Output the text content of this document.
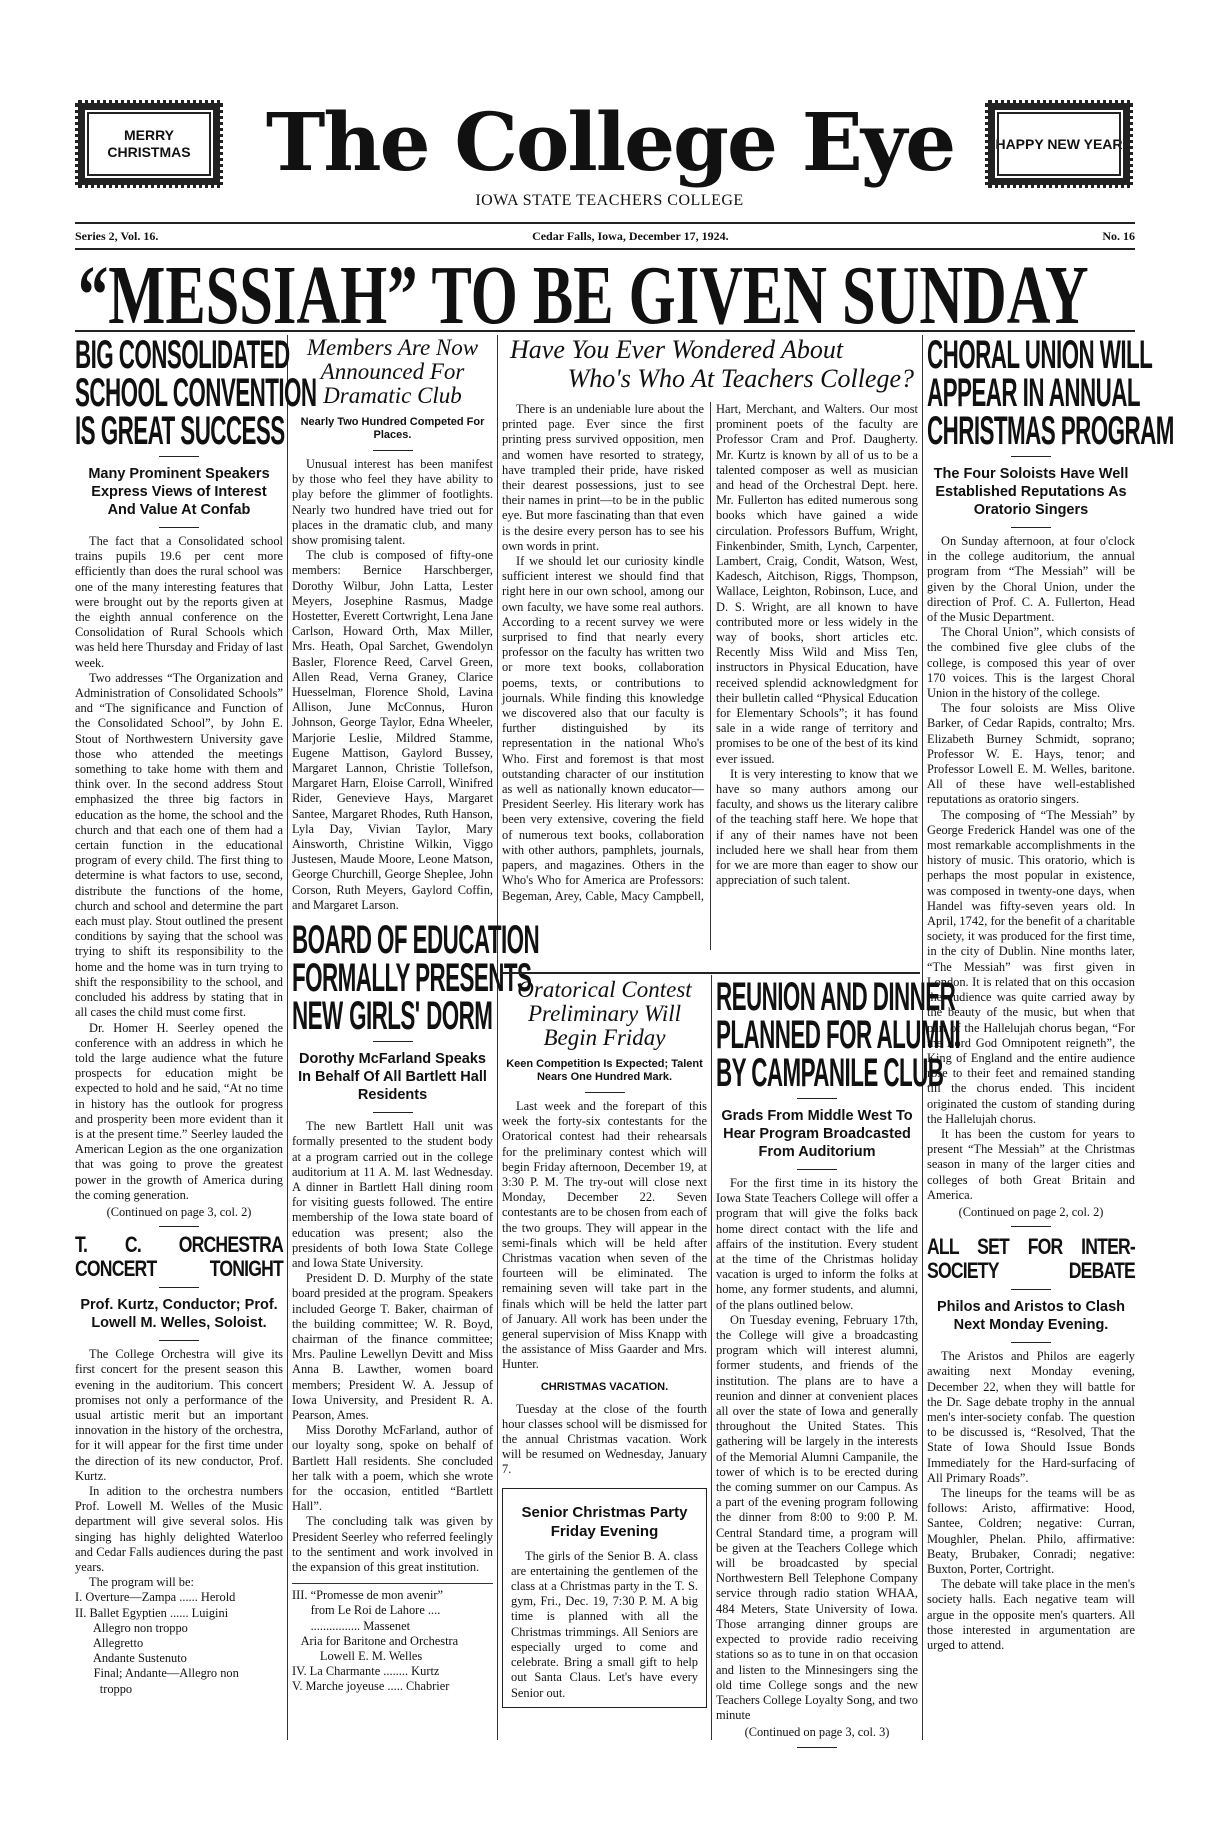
MERRY CHRISTMAS
HAPPY NEW YEAR
The College Eye
IOWA STATE TEACHERS COLLEGE
Series 2, Vol. 16.	Cedar Falls, Iowa, December 17, 1924.	No. 16
“MESSIAH” TO BE GIVEN SUNDAY
BIG CONSOLIDATED
SCHOOL CONVENTION
IS GREAT SUCCESS
Many Prominent Speakers Express Views of Interest And Value At Confab

The fact that a Consolidated school trains pupils 19.6 per cent more efficiently than does the rural school was one of the many interesting features that were brought out by the reports given at the eighth annual conference on the Consolidation of Rural Schools which was held here Thursday and Friday of last week.

Two addresses “The Organization and Administration of Consolidated Schools” and “The significance and Function of the Consolidated School”, by John E. Stout of Northwestern University gave those who attended the meetings something to take home with them and think over. In the second address Stout emphasized the three big factors in education as the home, the school and the church and that each one of them had a certain function in the educational program of every child. The first thing to determine is what factors to use, second, distribute the functions of the home, church and school and determine the part each must play. Stout outlined the present conditions by saying that the school was trying to shift its responsibility to the home and the home was in turn trying to shift the responsibility to the school, and concluded his address by stating that in all cases the child must come first.

Dr. Homer H. Seerley opened the conference with an address in which he told the large audience what the future prospects for education might be expected to hold and he said, “At no time in history has the outlook for progress and prosperity been more evident than it is at the present time.” Seerley lauded the American Legion as the one organization that was going to prove the greatest power in the growth of America during the coming generation.

(Continued on page 3, col. 2)
T. C. ORCHESTRA
CONCERT TONIGHT
Prof. Kurtz, Conductor; Prof. Lowell M. Welles, Soloist.

The College Orchestra will give its first concert for the present season this evening in the auditorium. This concert promises not only a performance of the usual artistic merit but an important innovation in the history of the orchestra, for it will appear for the first time under the direction of its new conductor, Prof. Kurtz.

In adition to the orchestra numbers Prof. Lowell M. Welles of the Music department will give several solos. His singing has highly delighted Waterloo and Cedar Falls audiences during the past years.

The program will be:

I. Overture—Zampa ...... Herold
II. Ballet Egyptien ...... Luigini
Allegro non troppo
Allegretto
Andante Sustenuto
Final; Andante—Allegro non
troppo
Members Are Now Announced For Dramatic Club
Nearly Two Hundred Competed For Places.

Unusual interest has been manifest by those who feel they have ability to play before the glimmer of footlights. Nearly two hundred have tried out for places in the dramatic club, and many show promising talent.

The club is composed of fifty-one members: Bernice Harschberger, Dorothy Wilbur, John Latta, Lester Meyers, Josephine Rasmus, Madge Hostetter, Everett Cortwright, Lena Jane Carlson, Howard Orth, Max Miller, Mrs. Heath, Opal Sarchet, Gwendolyn Basler, Florence Reed, Carvel Green, Allen Read, Verna Graney, Clarice Huesselman, Florence Shold, Lavina Allison, June McConnus, Huron Johnson, George Taylor, Edna Wheeler, Marjorie Leslie, Mildred Stamme, Eugene Mattison, Gaylord Bussey, Margaret Lannon, Christie Tollefson, Margaret Harn, Eloise Carroll, Winifred Rider, Genevieve Hays, Margaret Santee, Margaret Rhodes, Ruth Hanson, Lyla Day, Vivian Taylor, Mary Ainsworth, Christine Wilkin, Viggo Justesen, Maude Moore, Leone Matson, George Churchill, George Sheplee, John Corson, Ruth Meyers, Gaylord Coffin, and Margaret Larson.

BOARD OF EDUCATION
FORMALLY PRESENTS
NEW GIRLS' DORM
Dorothy McFarland Speaks In Behalf Of All Bartlett Hall Residents

The new Bartlett Hall unit was formally presented to the student body at a program carried out in the college auditorium at 11 A. M. last Wednesday. A dinner in Bartlett Hall dining room for visiting guests followed. The entire membership of the Iowa state board of education was present; also the presidents of both Iowa State College and Iowa State University.

President D. D. Murphy of the state board presided at the program. Speakers included George T. Baker, chairman of the building committee; W. R. Boyd, chairman of the finance committee; Mrs. Pauline Lewellyn Devitt and Miss Anna B. Lawther, women board members; President W. A. Jessup of Iowa University, and President R. A. Pearson, Ames.

Miss Dorothy McFarland, author of our loyalty song, spoke on behalf of Bartlett Hall residents. She concluded her talk with a poem, which she wrote for the occasion, entitled “Bartlett Hall”.

The concluding talk was given by President Seerley who referred feelingly to the sentiment and work involved in the expansion of this great institution.

III. “Promesse de mon avenir”
from Le Roi de Lahore ....
................ Massenet
Aria for Baritone and Orchestra
Lowell E. M. Welles
IV. La Charmante ........ Kurtz
V. Marche joyeuse ..... Chabrier
Have You Ever Wondered About
Who's Who At Teachers College?

There is an undeniable lure about the printed page. Ever since the first printing press survived opposition, men and women have resorted to strategy, have trampled their pride, have risked their dearest possessions, just to see their names in print—to be in the public eye. But more fascinating than that even is the desire every person has to see his own words in print.

If we should let our curiosity kindle sufficient interest we should find that right here in our own school, among our own faculty, we have some real authors. According to a recent survey we were surprised to find that nearly every professor on the faculty has written two or more text books, collaboration poems, texts, or contributions to journals. While finding this knowledge we discovered also that our faculty is further distinguished by its representation in the national Who's Who. First and foremost is that most outstanding character of our institution as well as nationally known educator—President Seerley. His literary work has been very extensive, covering the field of numerous text books, collaboration with other authors, pamphlets, journals, papers, and magazines. Others in the Who's Who for America are Professors: Begeman, Arey, Cable, Macy Campbell, Hart, Merchant, and Walters. Our most prominent poets of the faculty are Professor Cram and Prof. Daugherty. Mr. Kurtz is known by all of us to be a talented composer as well as musician and head of the Orchestral Dept. here. Mr. Fullerton has edited numerous song books which have gained a wide circulation. Professors Buffum, Wright, Finkenbinder, Smith, Lynch, Carpenter, Lambert, Craig, Condit, Watson, West, Kadesch, Aitchison, Riggs, Thompson, Wallace, Leighton, Robinson, Luce, and D. S. Wright, are all known to have contributed more or less widely in the way of books, short articles etc. Recently Miss Wild and Miss Ten, instructors in Physical Education, have received splendid acknowledgment for their bulletin called “Physical Education for Elementary Schools”; it has found sale in a wide range of territory and promises to be one of the best of its kind ever issued.

It is very interesting to know that we have so many authors among our faculty, and shows us the literary calibre of the teaching staff here. We hope that if any of their names have not been included here we shall hear from them for we are more than eager to show our appreciation of such talent.

Oratorical Contest Preliminary Will Begin Friday
Keen Competition Is Expected; Talent Nears One Hundred Mark.

Last week and the forepart of this week the forty-six contestants for the Oratorical contest had their rehearsals for the preliminary contest which will begin Friday afternoon, December 19, at 3:30 P. M. The try-out will close next Monday, December 22. Seven contestants are to be chosen from each of the two groups. They will appear in the semi-finals which will be held after Christmas vacation when seven of the fourteen will be eliminated. The remaining seven will take part in the finals which will be held the latter part of January. All work has been under the general supervision of Miss Knapp with the assistance of Miss Gaarder and Mrs. Hunter.

CHRISTMAS VACATION.

Tuesday at the close of the fourth hour classes school will be dismissed for the annual Christmas vacation. Work will be resumed on Wednesday, January 7.

Senior Christmas Party Friday Evening

The girls of the Senior B. A. class are entertaining the gentlemen of the class at a Christmas party in the T. S. gym, Fri., Dec. 19, 7:30 P. M. A big time is planned with all the Christmas trimmings. All Seniors are especially urged to come and celebrate. Bring a small gift to help out Santa Claus. Let's have every Senior out.

REUNION AND DINNER
PLANNED FOR ALUMNI
BY CAMPANILE CLUB
Grads From Middle West To Hear Program Broadcasted From Auditorium

For the first time in its history the Iowa State Teachers College will offer a program that will give the folks back home direct contact with the life and affairs of the institution. Every student at the time of the Christmas holiday vacation is urged to inform the folks at home, any former students, and alumni, of the plans outlined below.

On Tuesday evening, February 17th, the College will give a broadcasting program which will interest alumni, former students, and friends of the institution. The plans are to have a reunion and dinner at convenient places all over the state of Iowa and generally throughout the United States. This gathering will be largely in the interests of the Memorial Alumni Campanile, the tower of which is to be erected during the coming summer on our Campus. As a part of the evening program following the dinner from 8:00 to 9:00 P. M. Central Standard time, a program will be given at the Teachers College which will be broadcasted by special Northwestern Bell Telephone Company service through radio station WHAA, 484 Meters, State University of Iowa. Those arranging dinner groups are expected to provide radio receiving stations so as to tune in on that occasion and listen to the Minnesingers sing the old time College songs and the new Teachers College Loyalty Song, and two minute

(Continued on page 3, col. 3)
CHORAL UNION WILL
APPEAR IN ANNUAL
CHRISTMAS PROGRAM
The Four Soloists Have Well Established Reputations As Oratorio Singers

On Sunday afternoon, at four o'clock in the college auditorium, the annual program from “The Messiah” will be given by the Choral Union, under the direction of Prof. C. A. Fullerton, Head of the Music Department.

The Choral Union”, which consists of the combined five glee clubs of the college, is composed this year of over 170 voices. This is the largest Choral Union in the history of the college.

The four soloists are Miss Olive Barker, of Cedar Rapids, contralto; Mrs. Elizabeth Burney Schmidt, soprano; Professor W. E. Hays, tenor; and Professor Lowell E. M. Welles, baritone. All of these have well-established reputations as oratorio singers.

The composing of “The Messiah” by George Frederick Handel was one of the most remarkable accomplishments in the history of music. This oratorio, which is perhaps the most popular in existence, was composed in twenty-one days, when Handel was fifty-seven years old. In April, 1742, for the benefit of a charitable society, it was produced for the first time, in the city of Dublin. Nine months later, “The Messiah” was first given in London. It is related that on this occasion the audience was quite carried away by the beauty of the music, but when that part of the Hallelujah chorus began, “For the Lord God Omnipotent reigneth”, the King of England and the entire audience rose to their feet and remained standing till the chorus ended. This incident originated the custom of standing during the Hallelujah chorus.

It has been the custom for years to present “The Messiah” at the Christmas season in many of the larger cities and colleges of both Great Britain and America.

(Continued on page 2, col. 2)
ALL SET FOR INTER-
SOCIETY DEBATE
Philos and Aristos to Clash Next Monday Evening.

The Aristos and Philos are eagerly awaiting next Monday evening, December 22, when they will battle for the Dr. Sage debate trophy in the annual men's inter-society confab. The question to be discussed is, “Resolved, That the State of Iowa Should Issue Bonds Immediately for the Hard-surfacing of All Primary Roads”.

The lineups for the teams will be as follows: Aristo, affirmative: Hood, Santee, Coldren; negative: Curran, Moughler, Phelan. Philo, affirmative: Beaty, Brubaker, Conradi; negative: Buxton, Porter, Cortright.

The debate will take place in the men's society halls. Each negative team will argue in the opposite men's quarters. All those interested in argumentation are urged to attend.
